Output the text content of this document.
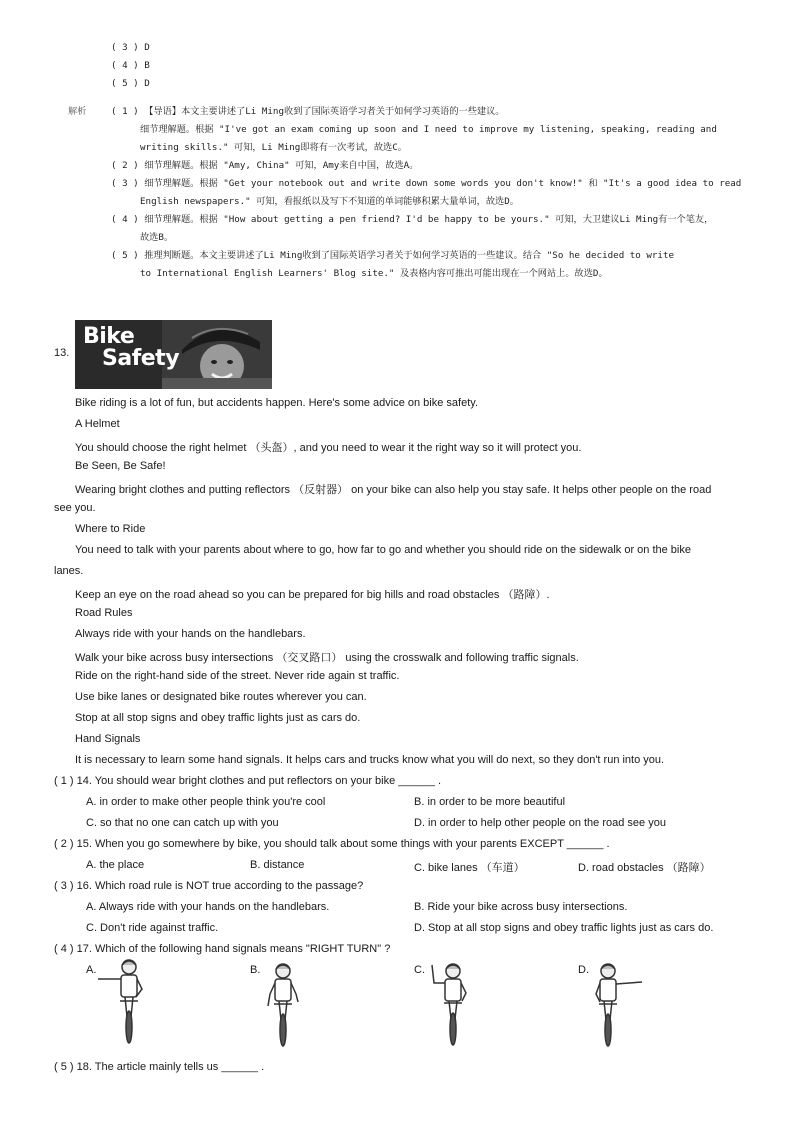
( 3 ) D
( 4 ) B
( 5 ) D
解析	( 1 ) 【导语】本文主要讲述了Li Ming收到了国际英语学习者关于如何学习英语的一些建议。
细节理解题。根据 "I've got an exam coming up soon and I need to improve my listening, speaking, reading and
writing skills." 可知，Li Ming即将有一次考试，故选C。
( 2 ) 细节理解题。根据 "Amy, China" 可知，Amy来自中国，故选A。
( 3 ) 细节理解题。根据 "Get your notebook out and write down some words you don't know!" 和 "It's a good idea to read
English newspapers." 可知，看报纸以及写下不知道的单词能够积累大量单词，故选D。
( 4 ) 细节理解题。根据 "How about getting a pen friend? I'd be happy to be yours." 可知，大卫建议Li Ming有一个笔友，
故选B。
( 5 ) 推理判断题。本文主要讲述了Li Ming收到了国际英语学习者关于如何学习英语的一些建议。结合 "So he decided to write
to International English Learners' Blog site." 及表格内容可推出可能出现在一个网站上。故选D。
13.
Bike
Safety
Bike riding is a lot of fun, but accidents happen. Here's some advice on bike safety.
A Helmet
You should choose the right helmet （头盔）, and you need to wear it the right way so it will protect you.
Be Seen, Be Safe!
Wearing bright clothes and putting reflectors （反射器） on your bike can also help you stay safe. It helps other people on the road
see you.
Where to Ride
You need to talk with your parents about where to go, how far to go and whether you should ride on the sidewalk or on the bike
lanes.
Keep an eye on the road ahead so you can be prepared for big hills and road obstacles （路障）.
Road Rules
Always ride with your hands on the handlebars.
Walk your bike across busy intersections （交叉路口） using the crosswalk and following traffic signals.
Ride on the right-hand side of the street. Never ride again st traffic.
Use bike lanes or designated bike routes wherever you can.
Stop at all stop signs and obey traffic lights just as cars do.
Hand Signals
It is necessary to learn some hand signals. It helps cars and trucks know what you will do next, so they don't run into you.
( 1 ) 14. You should wear bright clothes and put reflectors on your bike ______ .
A. in order to make other people think you're cool	B. in order to be more beautiful
C. so that no one can catch up with you	D. in order to help other people on the road see you
( 2 ) 15. When you go somewhere by bike, you should talk about some things with your parents EXCEPT ______ .
A. the place	B. distance	C. bike lanes （车道）	D. road obstacles （路障）
( 3 ) 16. Which road rule is NOT true according to the passage?
A. Always ride with your hands on the handlebars.	B. Ride your bike across busy intersections.
C. Don't ride against traffic.	D. Stop at all stop signs and obey traffic lights just as cars do.
( 4 ) 17. Which of the following hand signals means "RIGHT TURN" ?
A.	B.	C.	D.
( 5 ) 18. The article mainly tells us ______ .
